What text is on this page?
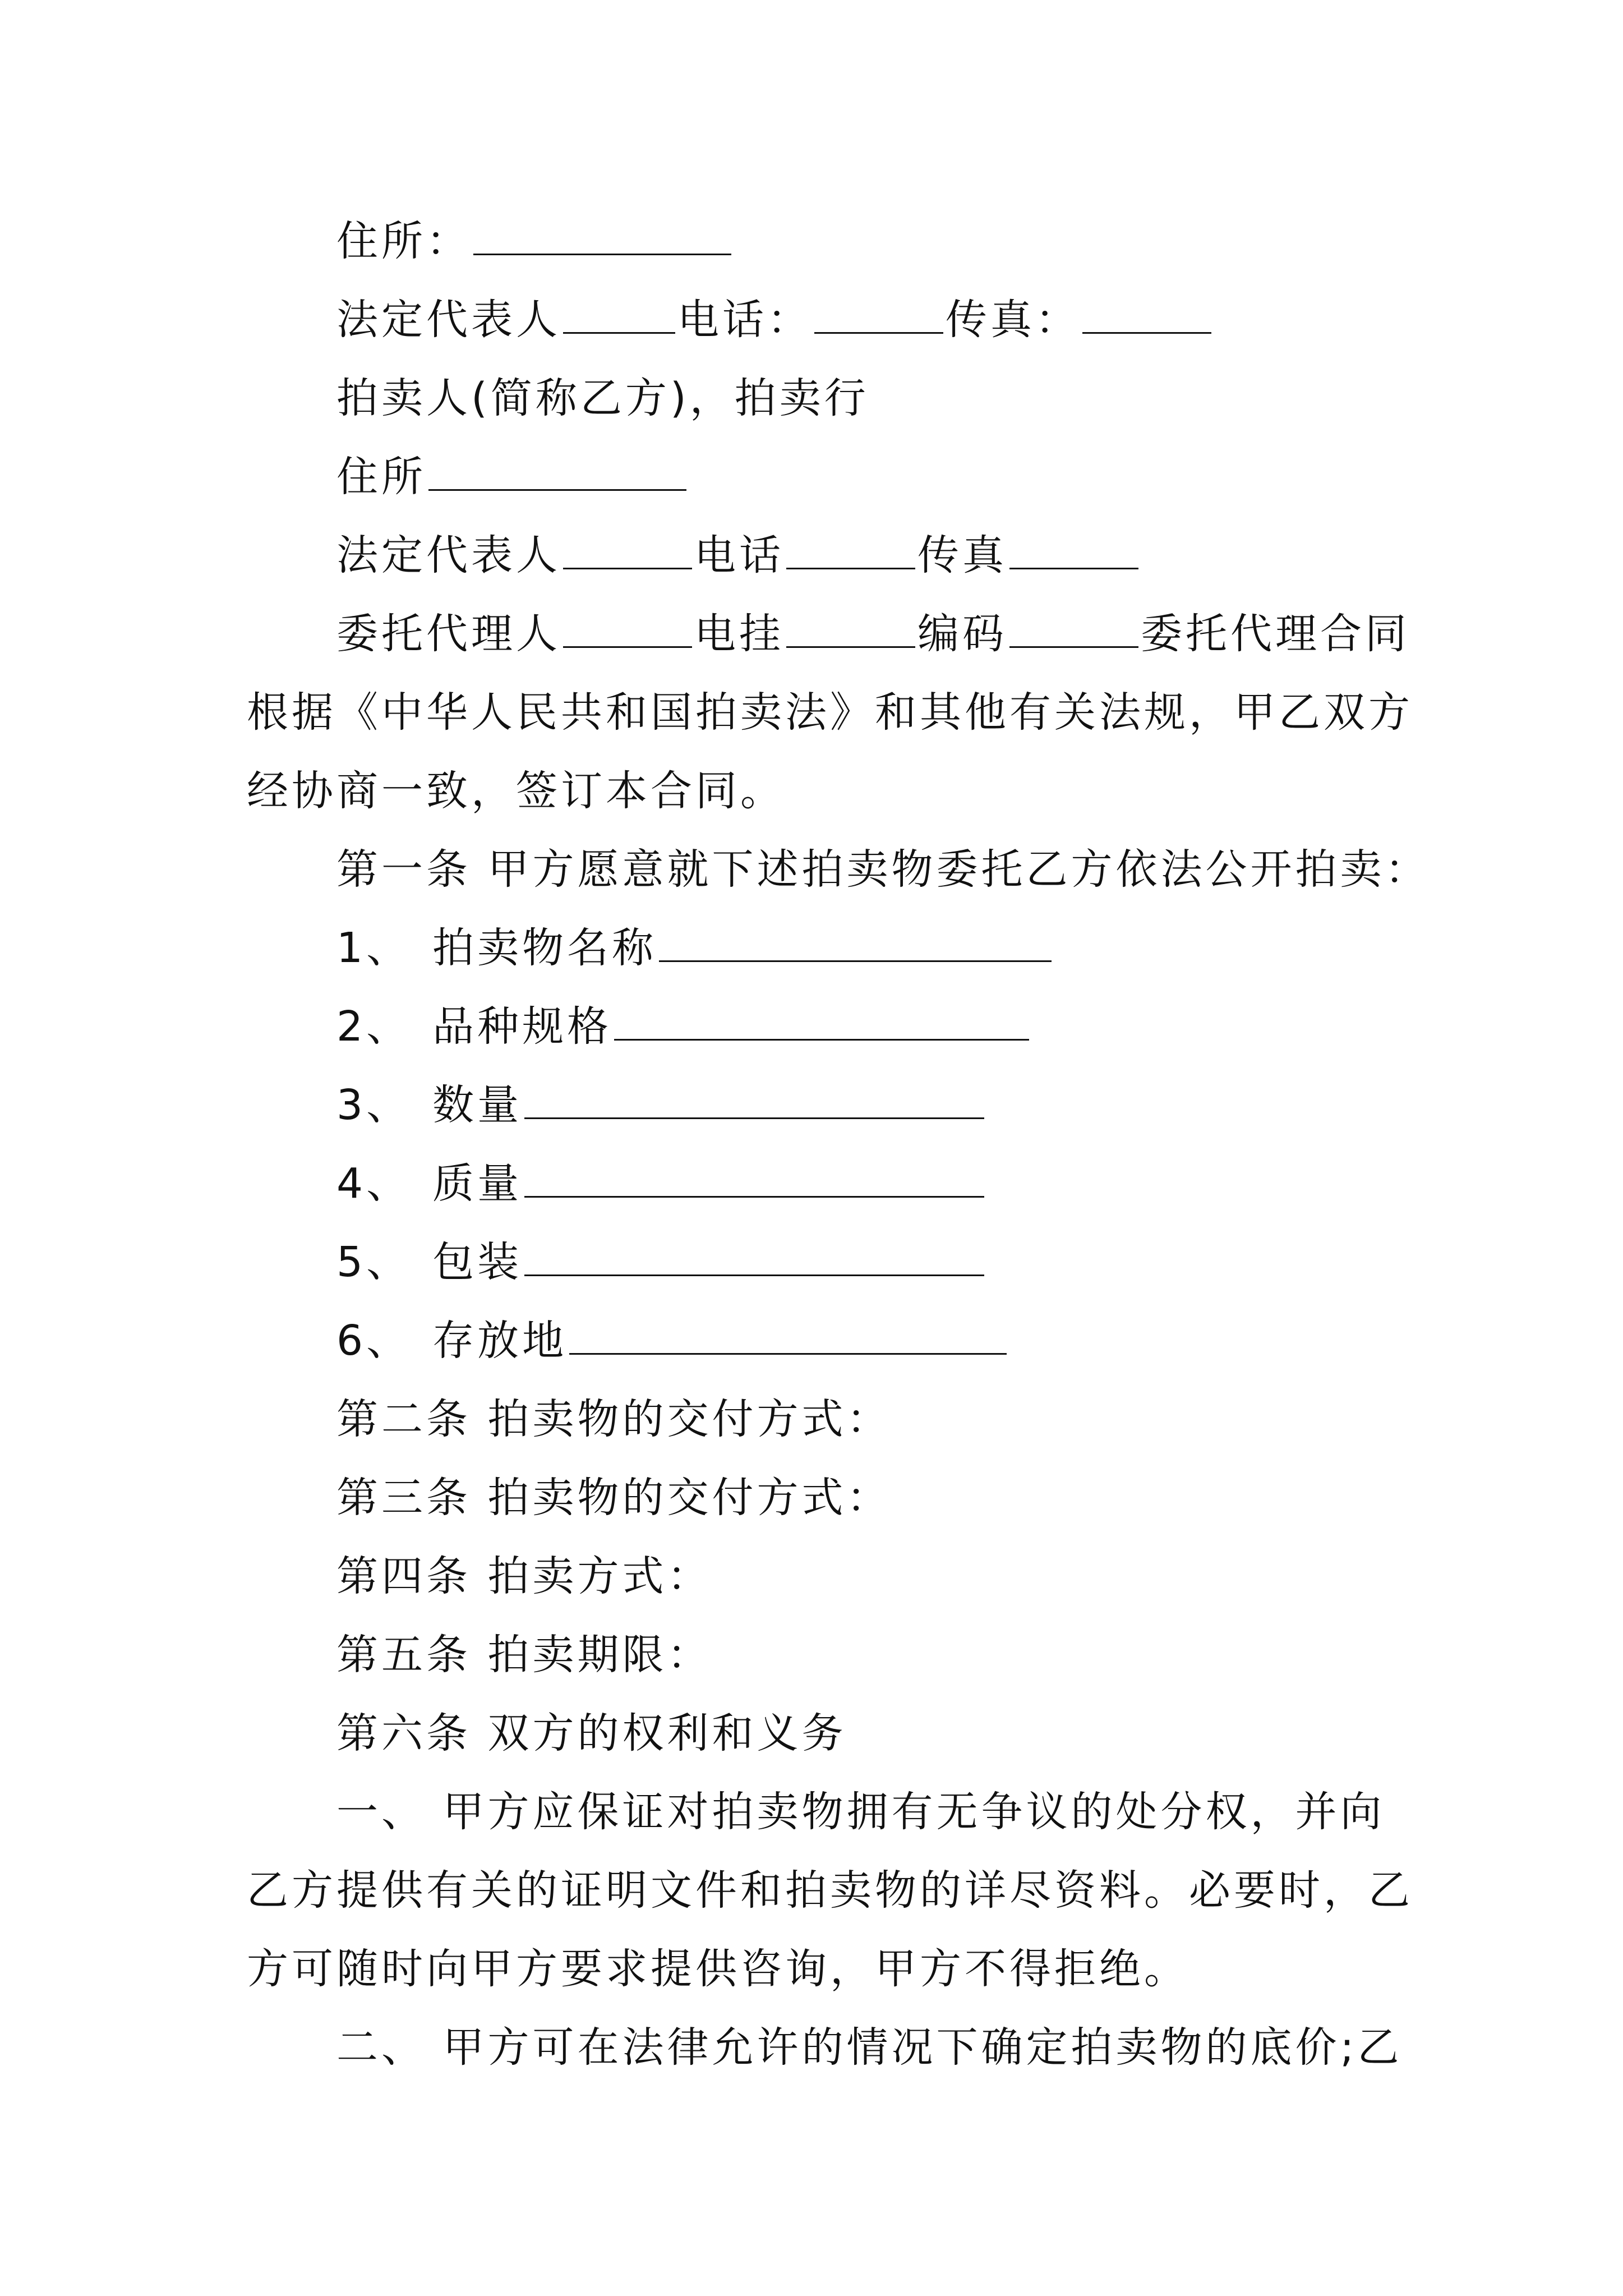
住所：
法定代表人	电话：	传真：
拍卖人(简称乙方)，拍卖行
住所
法定代表人	电话	传真
委托代理人	电挂	编码	委托代理合同
根据《中华人民共和国拍卖法》和其他有关法规，甲乙双方
经协商一致，签订本合同。
第一条 甲方愿意就下述拍卖物委托乙方依法公开拍卖：
1、 拍卖物名称
2、 品种规格
3、 数量
4、 质量
5、 包装
6、 存放地
第二条 拍卖物的交付方式：
第三条 拍卖物的交付方式：
第四条 拍卖方式：
第五条 拍卖期限：
第六条 双方的权利和义务
一、 甲方应保证对拍卖物拥有无争议的处分权，并向
乙方提供有关的证明文件和拍卖物的详尽资料。必要时，乙
方可随时向甲方要求提供咨询，甲方不得拒绝。
二、 甲方可在法律允许的情况下确定拍卖物的底价;乙
